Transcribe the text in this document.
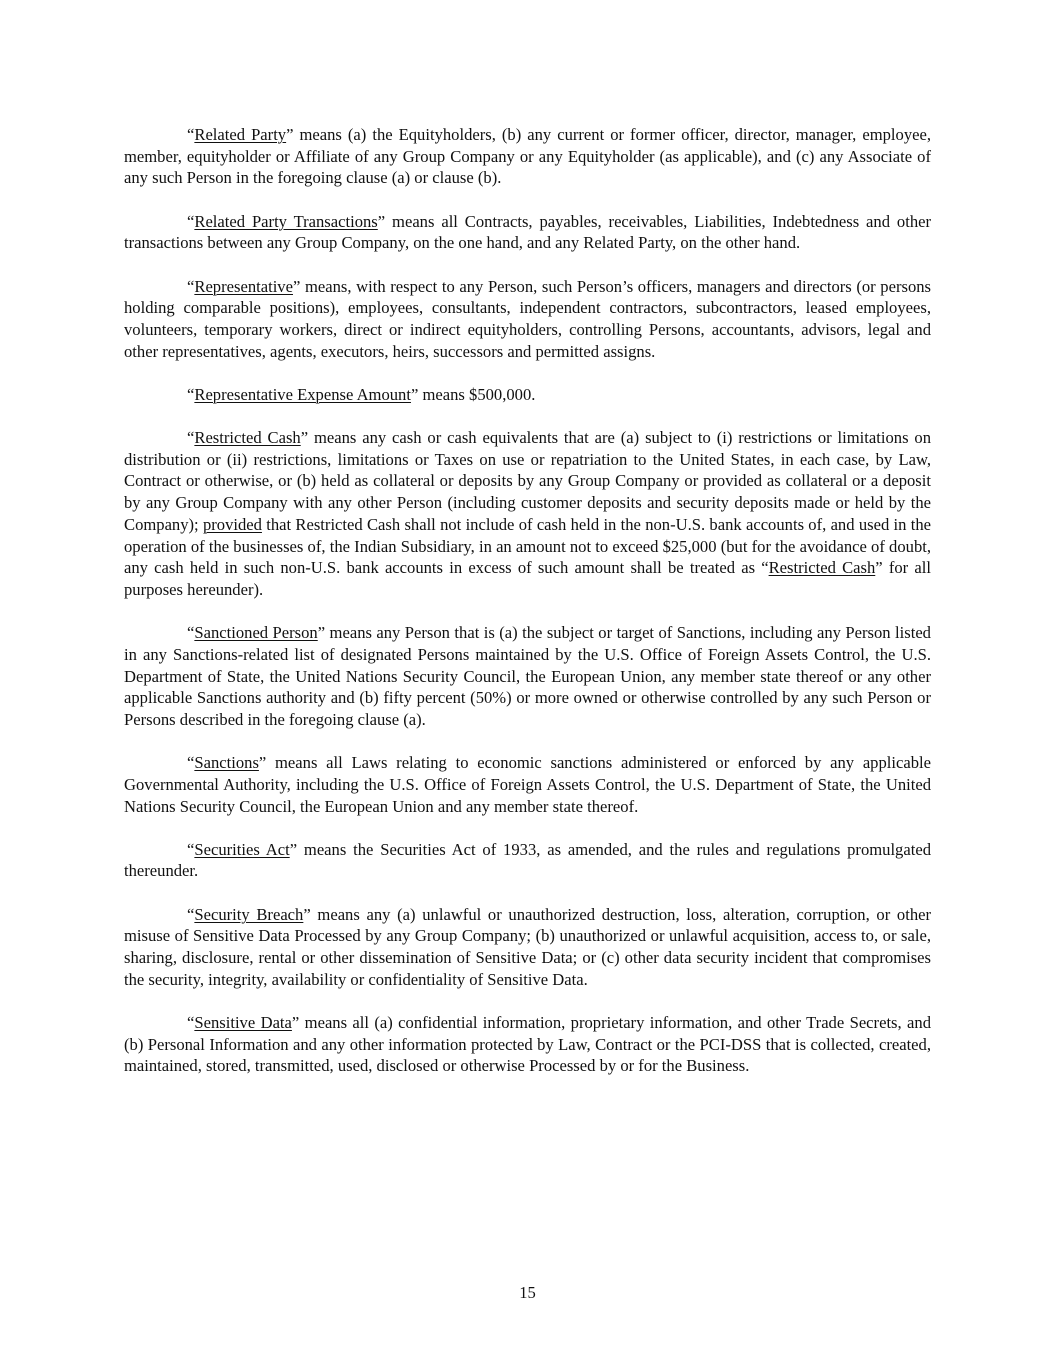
“Related Party” means (a) the Equityholders, (b) any current or former officer, director, manager, employee, member, equityholder or Affiliate of any Group Company or any Equityholder (as applicable), and (c) any Associate of any such Person in the foregoing clause (a) or clause (b).

“Related Party Transactions” means all Contracts, payables, receivables, Liabilities, Indebtedness and other transactions between any Group Company, on the one hand, and any Related Party, on the other hand.

“Representative” means, with respect to any Person, such Person’s officers, managers and directors (or persons holding comparable positions), employees, consultants, independent contractors, subcontractors, leased employees, volunteers, temporary workers, direct or indirect equityholders, controlling Persons, accountants, advisors, legal and other representatives, agents, executors, heirs, successors and permitted assigns.

“Representative Expense Amount” means $500,000.

“Restricted Cash” means any cash or cash equivalents that are (a) subject to (i) restrictions or limitations on distribution or (ii) restrictions, limitations or Taxes on use or repatriation to the United States, in each case, by Law, Contract or otherwise, or (b) held as collateral or deposits by any Group Company or provided as collateral or a deposit by any Group Company with any other Person (including customer deposits and security deposits made or held by the Company); provided that Restricted Cash shall not include of cash held in the non-U.S. bank accounts of, and used in the operation of the businesses of, the Indian Subsidiary, in an amount not to exceed $25,000 (but for the avoidance of doubt, any cash held in such non-U.S. bank accounts in excess of such amount shall be treated as “Restricted Cash” for all purposes hereunder).

“Sanctioned Person” means any Person that is (a) the subject or target of Sanctions, including any Person listed in any Sanctions-related list of designated Persons maintained by the U.S. Office of Foreign Assets Control, the U.S. Department of State, the United Nations Security Council, the European Union, any member state thereof or any other applicable Sanctions authority and (b) fifty percent (50%) or more owned or otherwise controlled by any such Person or Persons described in the foregoing clause (a).

“Sanctions” means all Laws relating to economic sanctions administered or enforced by any applicable Governmental Authority, including the U.S. Office of Foreign Assets Control, the U.S. Department of State, the United Nations Security Council, the European Union and any member state thereof.

“Securities Act” means the Securities Act of 1933, as amended, and the rules and regulations promulgated thereunder.

“Security Breach” means any (a) unlawful or unauthorized destruction, loss, alteration, corruption, or other misuse of Sensitive Data Processed by any Group Company; (b) unauthorized or unlawful acquisition, access to, or sale, sharing, disclosure, rental or other dissemination of Sensitive Data; or (c) other data security incident that compromises the security, integrity, availability or confidentiality of Sensitive Data.

“Sensitive Data” means all (a) confidential information, proprietary information, and other Trade Secrets, and (b) Personal Information and any other information protected by Law, Contract or the PCI-DSS that is collected, created, maintained, stored, transmitted, used, disclosed or otherwise Processed by or for the Business.

15
